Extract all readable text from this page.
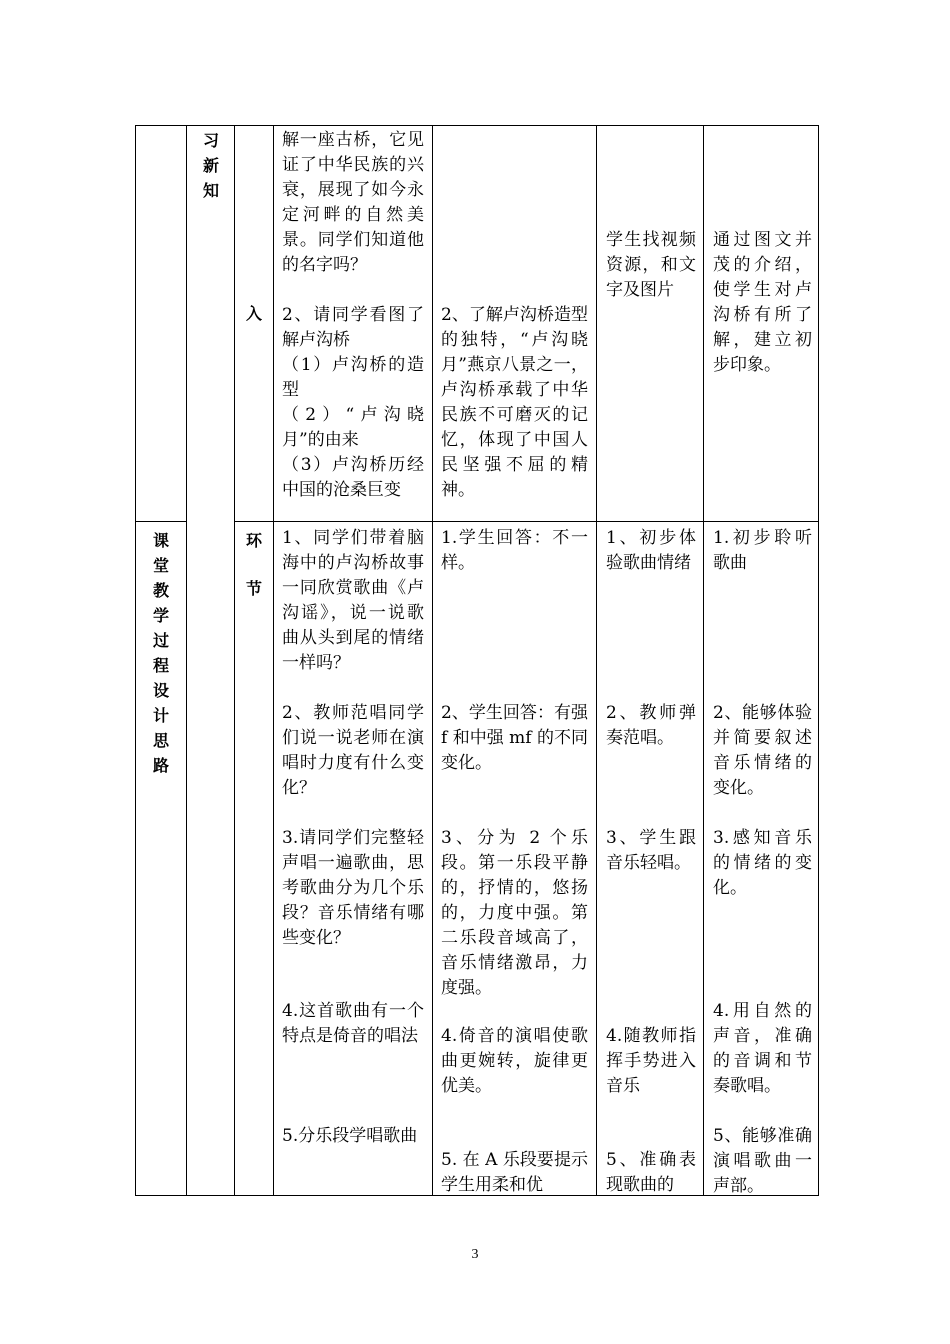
课
堂
教
学
过
程
设
计
思
路
习
新
知
入
环
节
解一座古桥，它见证了中华民族的兴衰，展现了如今永定河畔的自然美景。同学们知道他的名字吗？
2、请同学看图了解卢沟桥
（1）卢沟桥的造型
（2）“卢沟晓月”的由来
（3）卢沟桥历经中国的沧桑巨变
2、了解卢沟桥造型的独特，“卢沟晓月”燕京八景之一，卢沟桥承载了中华民族不可磨灭的记忆，体现了中国人民坚强不屈的精神。
学生找视频资源，和文字及图片
通过图文并茂的介绍，使学生对卢沟桥有所了解，建立初步印象。
1、同学们带着脑海中的卢沟桥故事一同欣赏歌曲《卢沟谣》，说一说歌曲从头到尾的情绪一样吗？
2、教师范唱同学们说一说老师在演唱时力度有什么变化？
3.请同学们完整轻声唱一遍歌曲，思考歌曲分为几个乐段？音乐情绪有哪些变化？
4.这首歌曲有一个特点是倚音的唱法
5.分乐段学唱歌曲
1.学生回答：不一样。
2、学生回答：有强 f 和中强 mf 的不同变化。
3、分为 2 个乐段。第一乐段平静的，抒情的，悠扬的，力度中强。第二乐段音域高了，音乐情绪激昂，力度强。
4.倚音的演唱使歌曲更婉转，旋律更优美。
5. 在 A 乐段要提示学生用柔和优
1、初步体验歌曲情绪
2、教师弹奏范唱。
3、学生跟音乐轻唱。
4.随教师指挥手势进入音乐
5、准确表现歌曲的
1.初步聆听歌曲
2、能够体验并简要叙述音乐情绪的变化。
3.感知音乐的情绪的变化。
4.用自然的声音，准确的音调和节奏歌唱。
5、能够准确演唱歌曲一声部。
3
